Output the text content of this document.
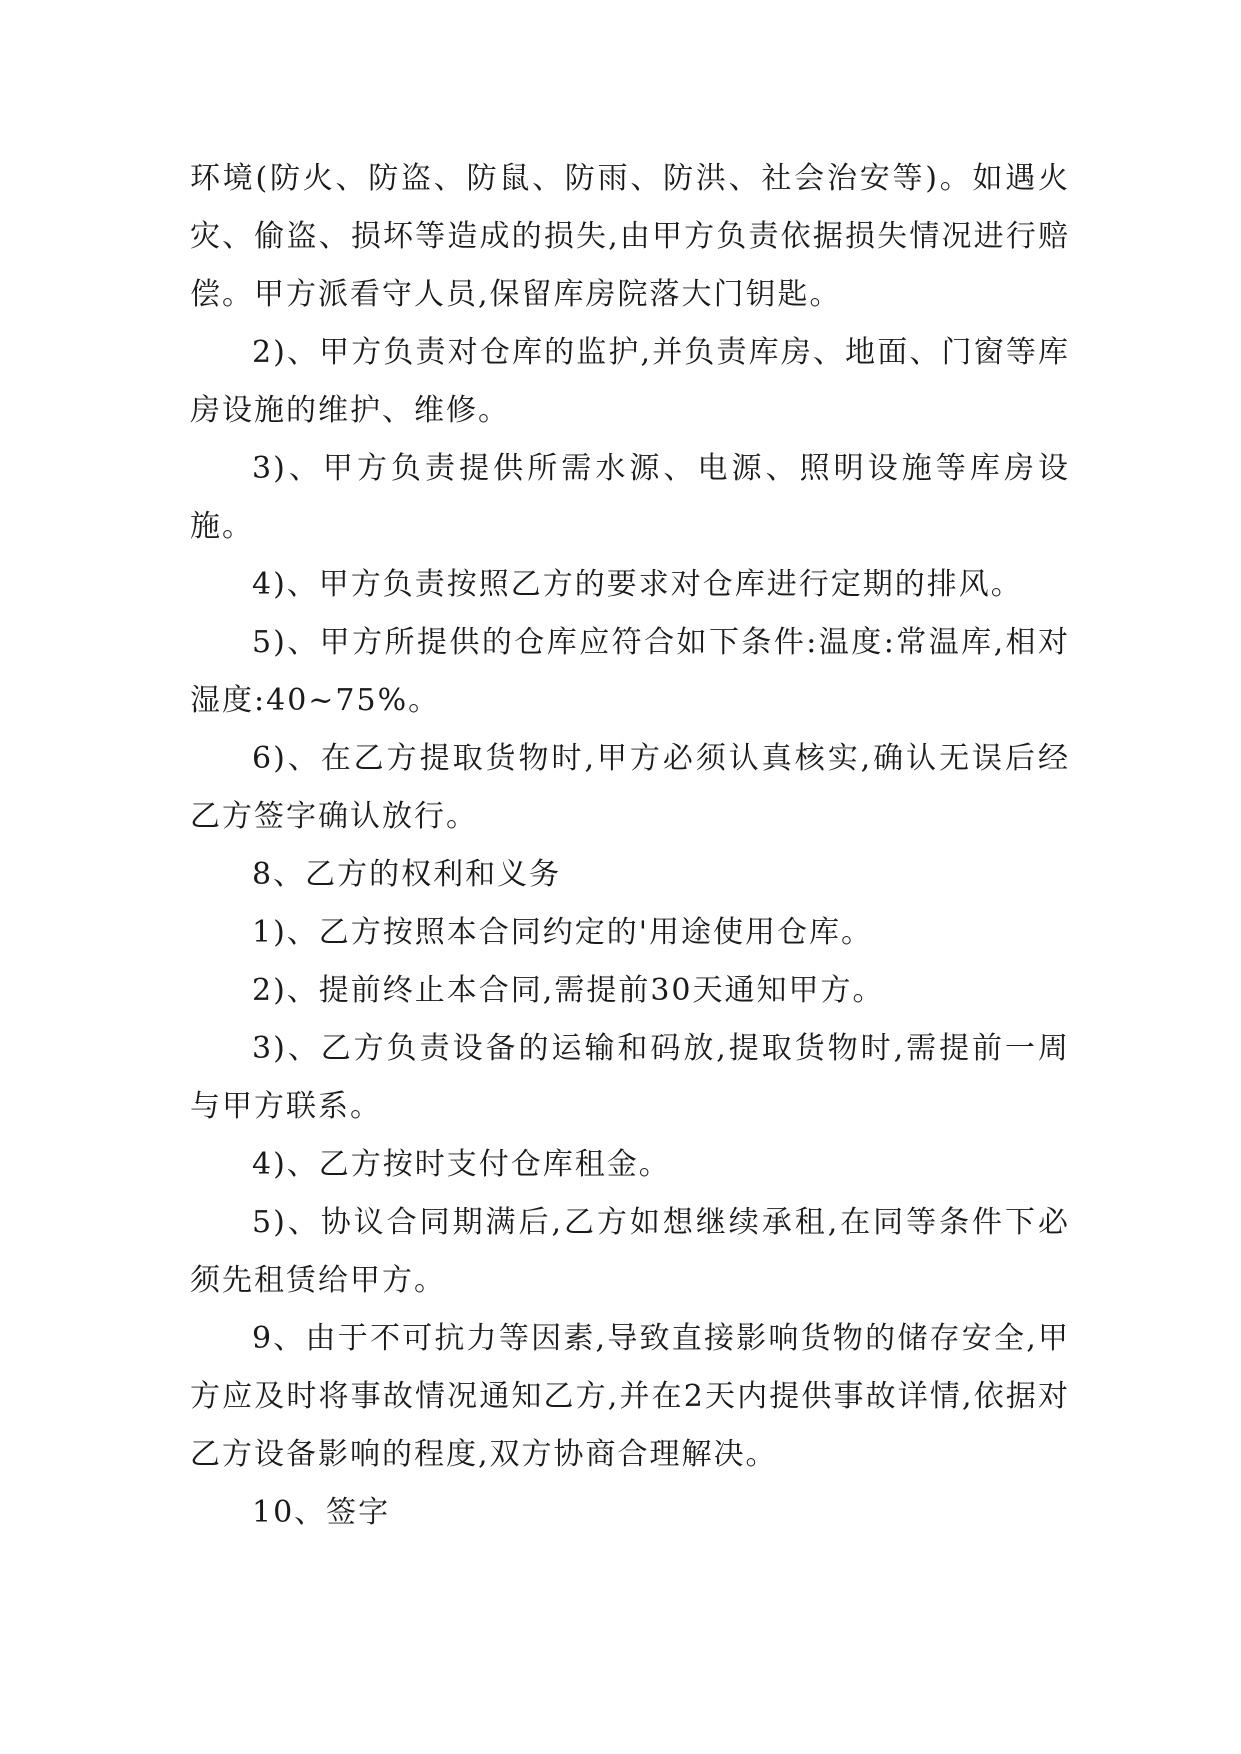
环境(防火、防盗、防鼠、防雨、防洪、社会治安等)。如遇火灾、偷盗、损坏等造成的损失,由甲方负责依据损失情况进行赔偿。甲方派看守人员,保留库房院落大门钥匙。

2)、甲方负责对仓库的监护,并负责库房、地面、门窗等库房设施的维护、维修。

3)、甲方负责提供所需水源、电源、照明设施等库房设施。

4)、甲方负责按照乙方的要求对仓库进行定期的排风。

5)、甲方所提供的仓库应符合如下条件:温度:常温库,相对湿度:40~75%。

6)、在乙方提取货物时,甲方必须认真核实,确认无误后经乙方签字确认放行。

8、乙方的权利和义务

1)、乙方按照本合同约定的'用途使用仓库。

2)、提前终止本合同,需提前30天通知甲方。

3)、乙方负责设备的运输和码放,提取货物时,需提前一周与甲方联系。

4)、乙方按时支付仓库租金。

5)、协议合同期满后,乙方如想继续承租,在同等条件下必须先租赁给甲方。

9、由于不可抗力等因素,导致直接影响货物的储存安全,甲方应及时将事故情况通知乙方,并在2天内提供事故详情,依据对乙方设备影响的程度,双方协商合理解决。

10、签字
